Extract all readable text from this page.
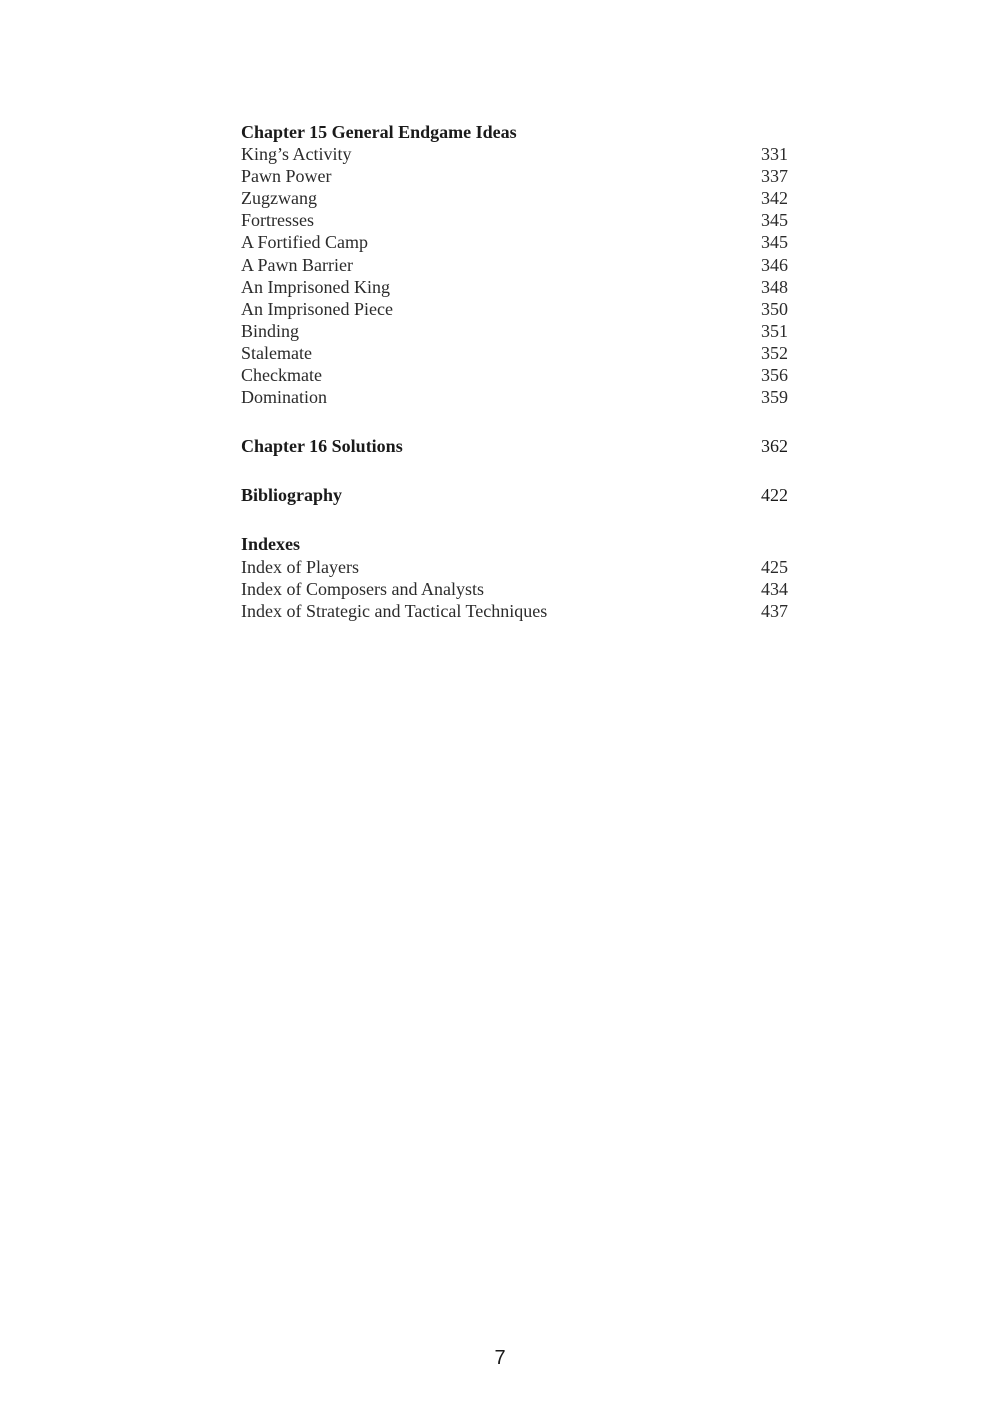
Chapter 15 General Endgame Ideas
King’s Activity	331
Pawn Power	337
Zugzwang	342
Fortresses	345
A Fortified Camp	345
A Pawn Barrier	346
An Imprisoned King	348
An Imprisoned Piece	350
Binding	351
Stalemate	352
Checkmate	356
Domination	359
Chapter 16 Solutions	362
Bibliography	422
Indexes
Index of Players	425
Index of Composers and Analysts	434
Index of Strategic and Tactical Techniques	437
7
